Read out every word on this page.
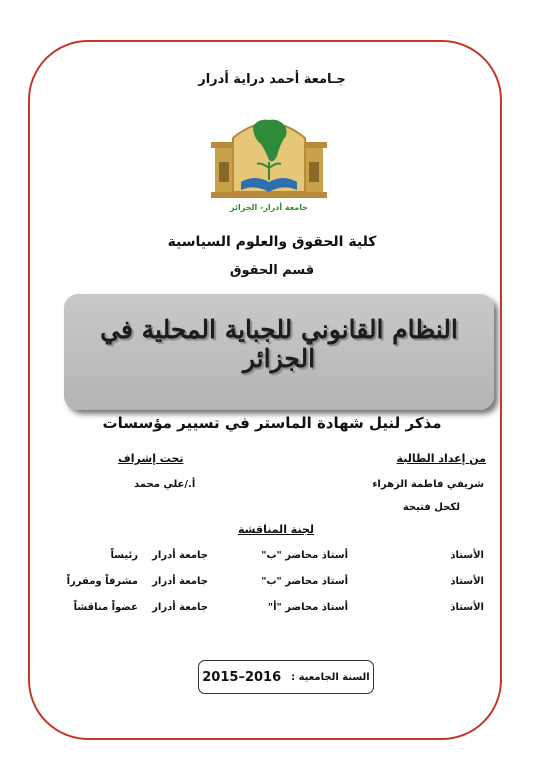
جـامعة أحمد دراية أدرار
جامعة أدرار- الجزائر
كلية الحقوق والعلوم السياسية
قسم الحقوق
النظام القانوني للجباية المحلية في الجزائر
مذكر لنيل شهادة الماستر في تسيير مؤسسات
من إعداد الطالبة
شريفي فاطمة الزهراء
لكحل فتيحة
تحت إشراف
أ./علي محمد
لجنة المناقشة
الأستاذ
أستاذ محاضر "ب"
جامعة أدرار
رئيساً
الأستاذ
أستاذ محاضر "ب"
جامعة أدرار
مشرفاً ومقرراً
الأستاذ
أستاذ محاضر "أ"
جامعة أدرار
عضواً مناقشاً
السنة الجامعية :
2015–2016
